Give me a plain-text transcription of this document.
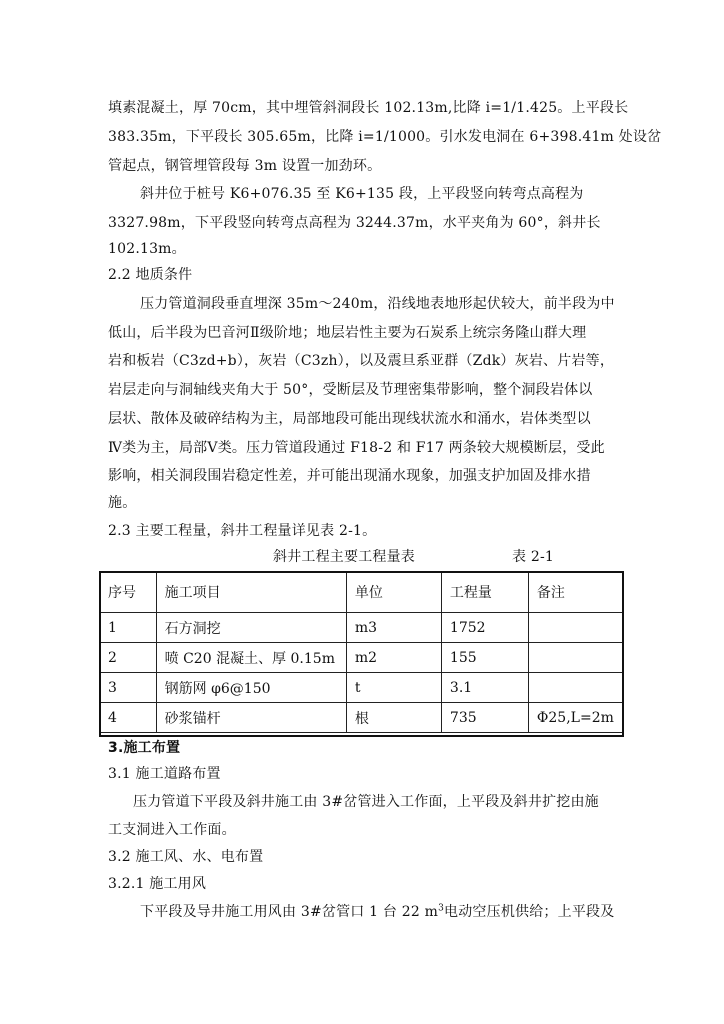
填素混凝土，厚 70cm，其中埋管斜洞段长 102.13m,比降 i=1/1.425。上平段长
383.35m，下平段长 305.65m，比降 i=1/1000。引水发电洞在 6+398.41m 处设岔
管起点，钢管埋管段每 3m 设置一加劲环。
斜井位于桩号 K6+076.35 至 K6+135 段，上平段竖向转弯点高程为
3327.98m，下平段竖向转弯点高程为 3244.37m，水平夹角为 60°，斜井长
102.13m。
2.2 地质条件
压力管道洞段垂直埋深 35m～240m，沿线地表地形起伏较大，前半段为中
低山，后半段为巴音河Ⅱ级阶地；地层岩性主要为石炭系上统宗务隆山群大理
岩和板岩（C3zd+b），灰岩（C3zh），以及震旦系亚群（Zdk）灰岩、片岩等，
岩层走向与洞轴线夹角大于 50°，受断层及节理密集带影响，整个洞段岩体以
层状、散体及破碎结构为主，局部地段可能出现线状流水和涌水，岩体类型以
Ⅳ类为主，局部Ⅴ类。压力管道段通过 F18-2 和 F17 两条较大规模断层，受此
影响，相关洞段围岩稳定性差，并可能出现涌水现象，加强支护加固及排水措
施。
2.3 主要工程量，斜井工程量详见表 2-1。
斜井工程主要工程量表	表 2-1
序号	施工项目	单位	工程量	备注
1	石方洞挖	m3	1752	
2	喷 C20 混凝土、厚 0.15m	m2	155	
3	钢筋网 φ6@150	t	3.1	
4	砂浆锚杆	根	735	Φ25,L=2m
3.施工布置
3.1 施工道路布置
压力管道下平段及斜井施工由 3#岔管进入工作面，上平段及斜井扩挖由施
工支洞进入工作面。
3.2 施工风、水、电布置
3.2.1 施工用风
下平段及导井施工用风由 3#岔管口 1 台 22 $m^3$电动空压机供给；上平段及
